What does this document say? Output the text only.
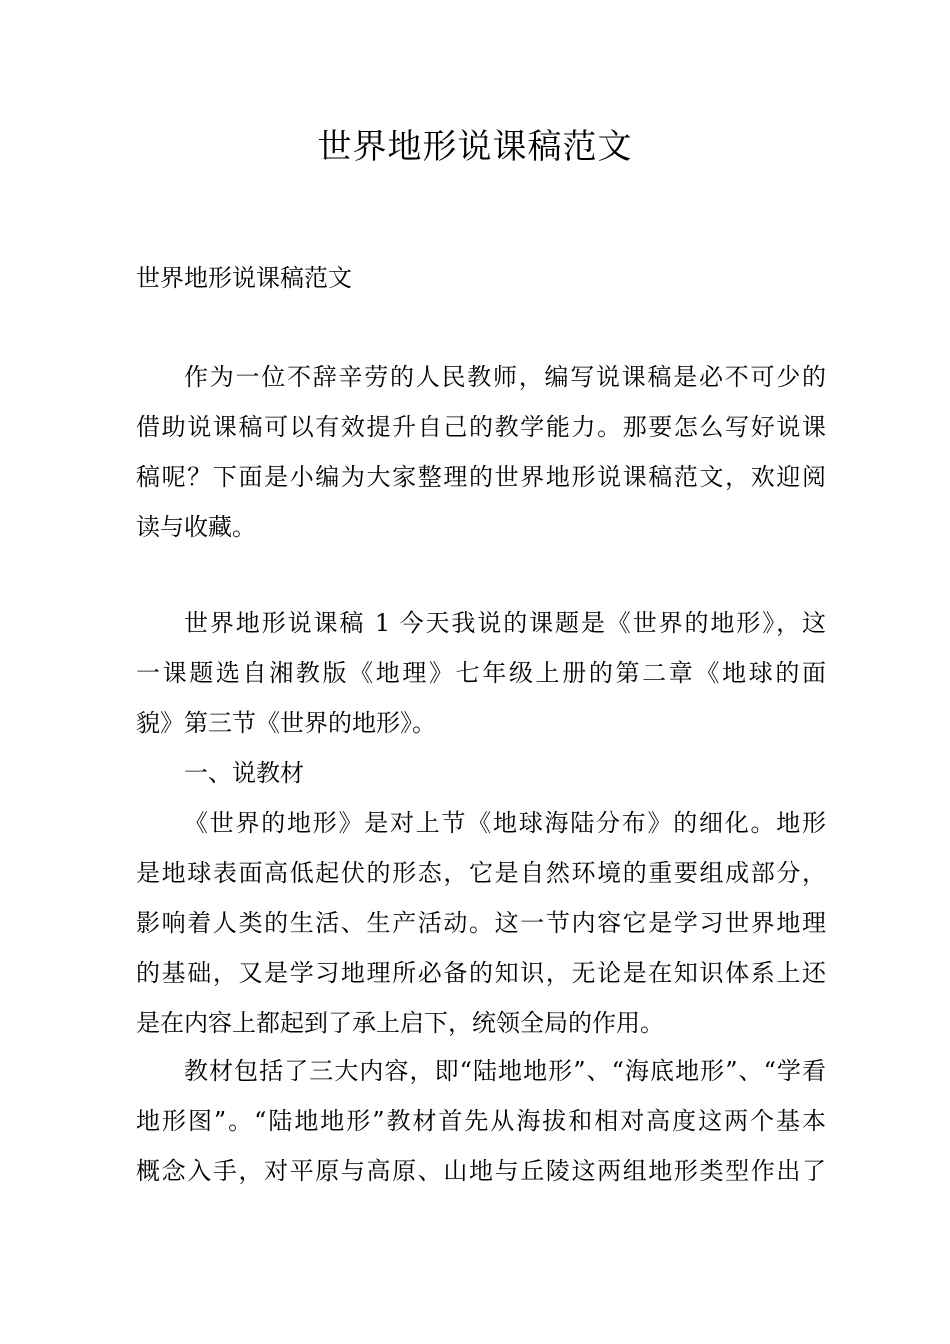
世界地形说课稿范文

世界地形说课稿范文

作为一位不辞辛劳的人民教师，编写说课稿是必不可少的
借助说课稿可以有效提升自己的教学能力。那要怎么写好说课
稿呢？下面是小编为大家整理的世界地形说课稿范文，欢迎阅
读与收藏。

世界地形说课稿 1 今天我说的课题是《世界的地形》，这
一课题选自湘教版《地理》七年级上册的第二章《地球的面
貌》第三节《世界的地形》。

一、说教材

《世界的地形》是对上节《地球海陆分布》的细化。地形
是地球表面高低起伏的形态，它是自然环境的重要组成部分，
影响着人类的生活、生产活动。这一节内容它是学习世界地理
的基础，又是学习地理所必备的知识，无论是在知识体系上还
是在内容上都起到了承上启下，统领全局的作用。

教材包括了三大内容，即“陆地地形”、“海底地形”、“学看
地形图”。“陆地地形”教材首先从海拔和相对高度这两个基本
概念入手，对平原与高原、山地与丘陵这两组地形类型作出了
